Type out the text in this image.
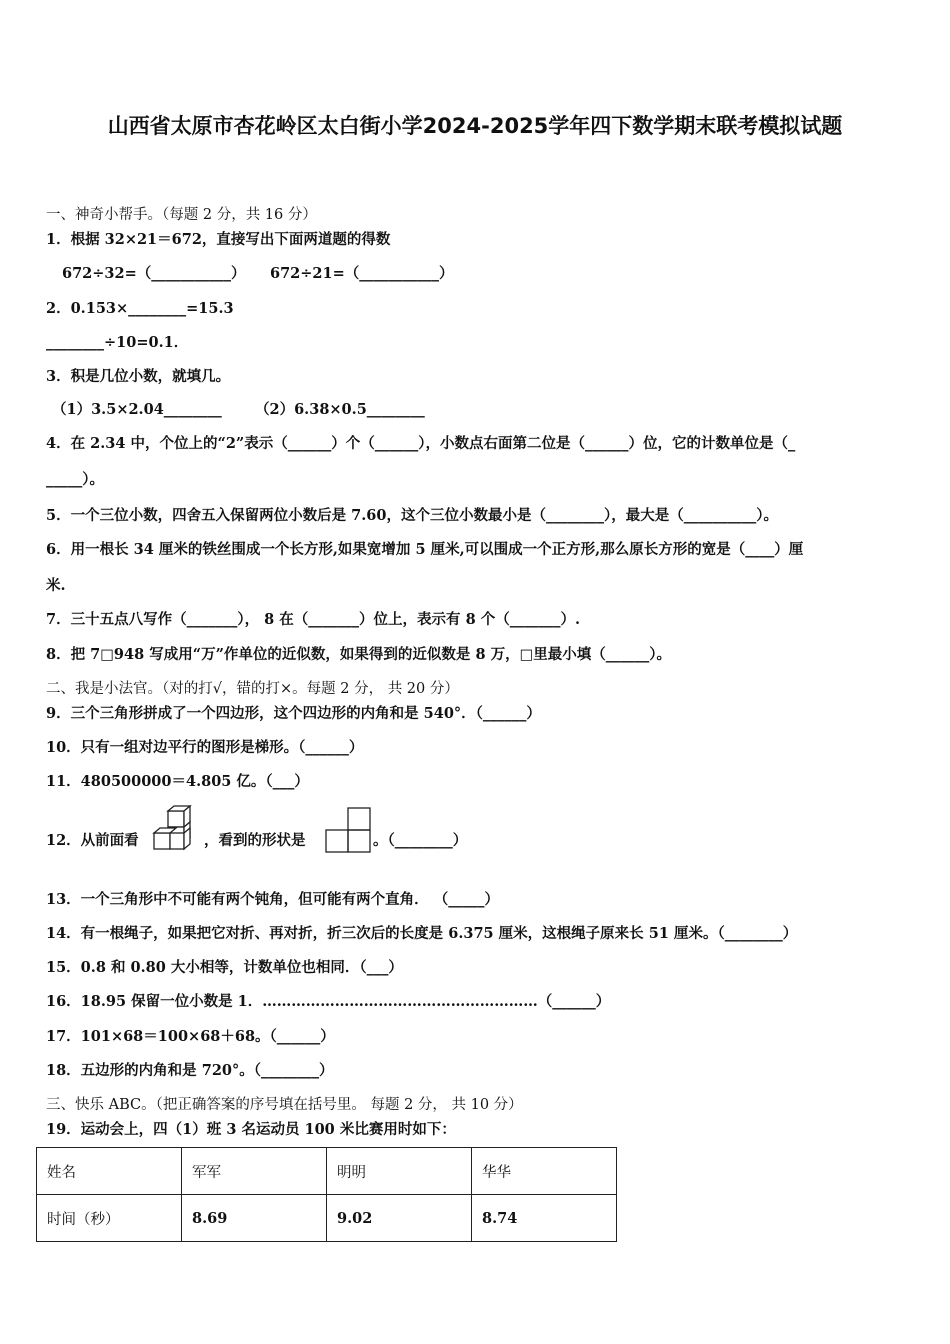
山西省太原市杏花岭区太白街小学2024-2025学年四下数学期末联考模拟试题
一、神奇小帮手。（每题 2 分，共 16 分）
1．根据 32×21＝672，直接写出下面两道题的得数
672÷32=（___________） 672÷21=（___________）
2．0.153×________=15.3
________÷10=0.1．
3．积是几位小数，就填几。
（1）3.5×2.04________ （2）6.38×0.5________
4．在 2.34 中，个位上的“2”表示（______）个（______），小数点右面第二位是（______）位，它的计数单位是（_
_____）。
5．一个三位小数，四舍五入保留两位小数后是 7.60，这个三位小数最小是（________），最大是（__________）。
6．用一根长 34 厘米的铁丝围成一个长方形,如果宽增加 5 厘米,可以围成一个正方形,那么原长方形的宽是（____）厘
米.
7．三十五点八写作（_______）， 8 在（_______）位上，表示有 8 个（_______）.
8．把 7□948 写成用“万”作单位的近似数，如果得到的近似数是 8 万，□里最小填（______）。
二、我是小法官。（对的打√，错的打×。每题 2 分， 共 20 分）
9．三个三角形拼成了一个四边形，这个四边形的内角和是 540°．（______）
10．只有一组对边平行的图形是梯形。（______）
11．480500000＝4.805 亿。（___）
12．从前面看	，看到的形状是	。（________）
13．一个三角形中不可能有两个钝角，但可能有两个直角． （_____）
14．有一根绳子，如果把它对折、再对折，折三次后的长度是 6.375 厘米，这根绳子原来长 51 厘米。（________）
15．0.8 和 0.80 大小相等，计数单位也相同．（___）
16．18.95 保留一位小数是 1．…………………………………………………（______）
17．101×68＝100×68＋68。（______）
18．五边形的内角和是 720°。（________）
三、快乐 ABC。（把正确答案的序号填在括号里。 每题 2 分， 共 10 分）
19．运动会上，四（1）班 3 名运动员 100 米比赛用时如下：
姓名	军军	明明	华华
时间（秒）	8.69	9.02	8.74
